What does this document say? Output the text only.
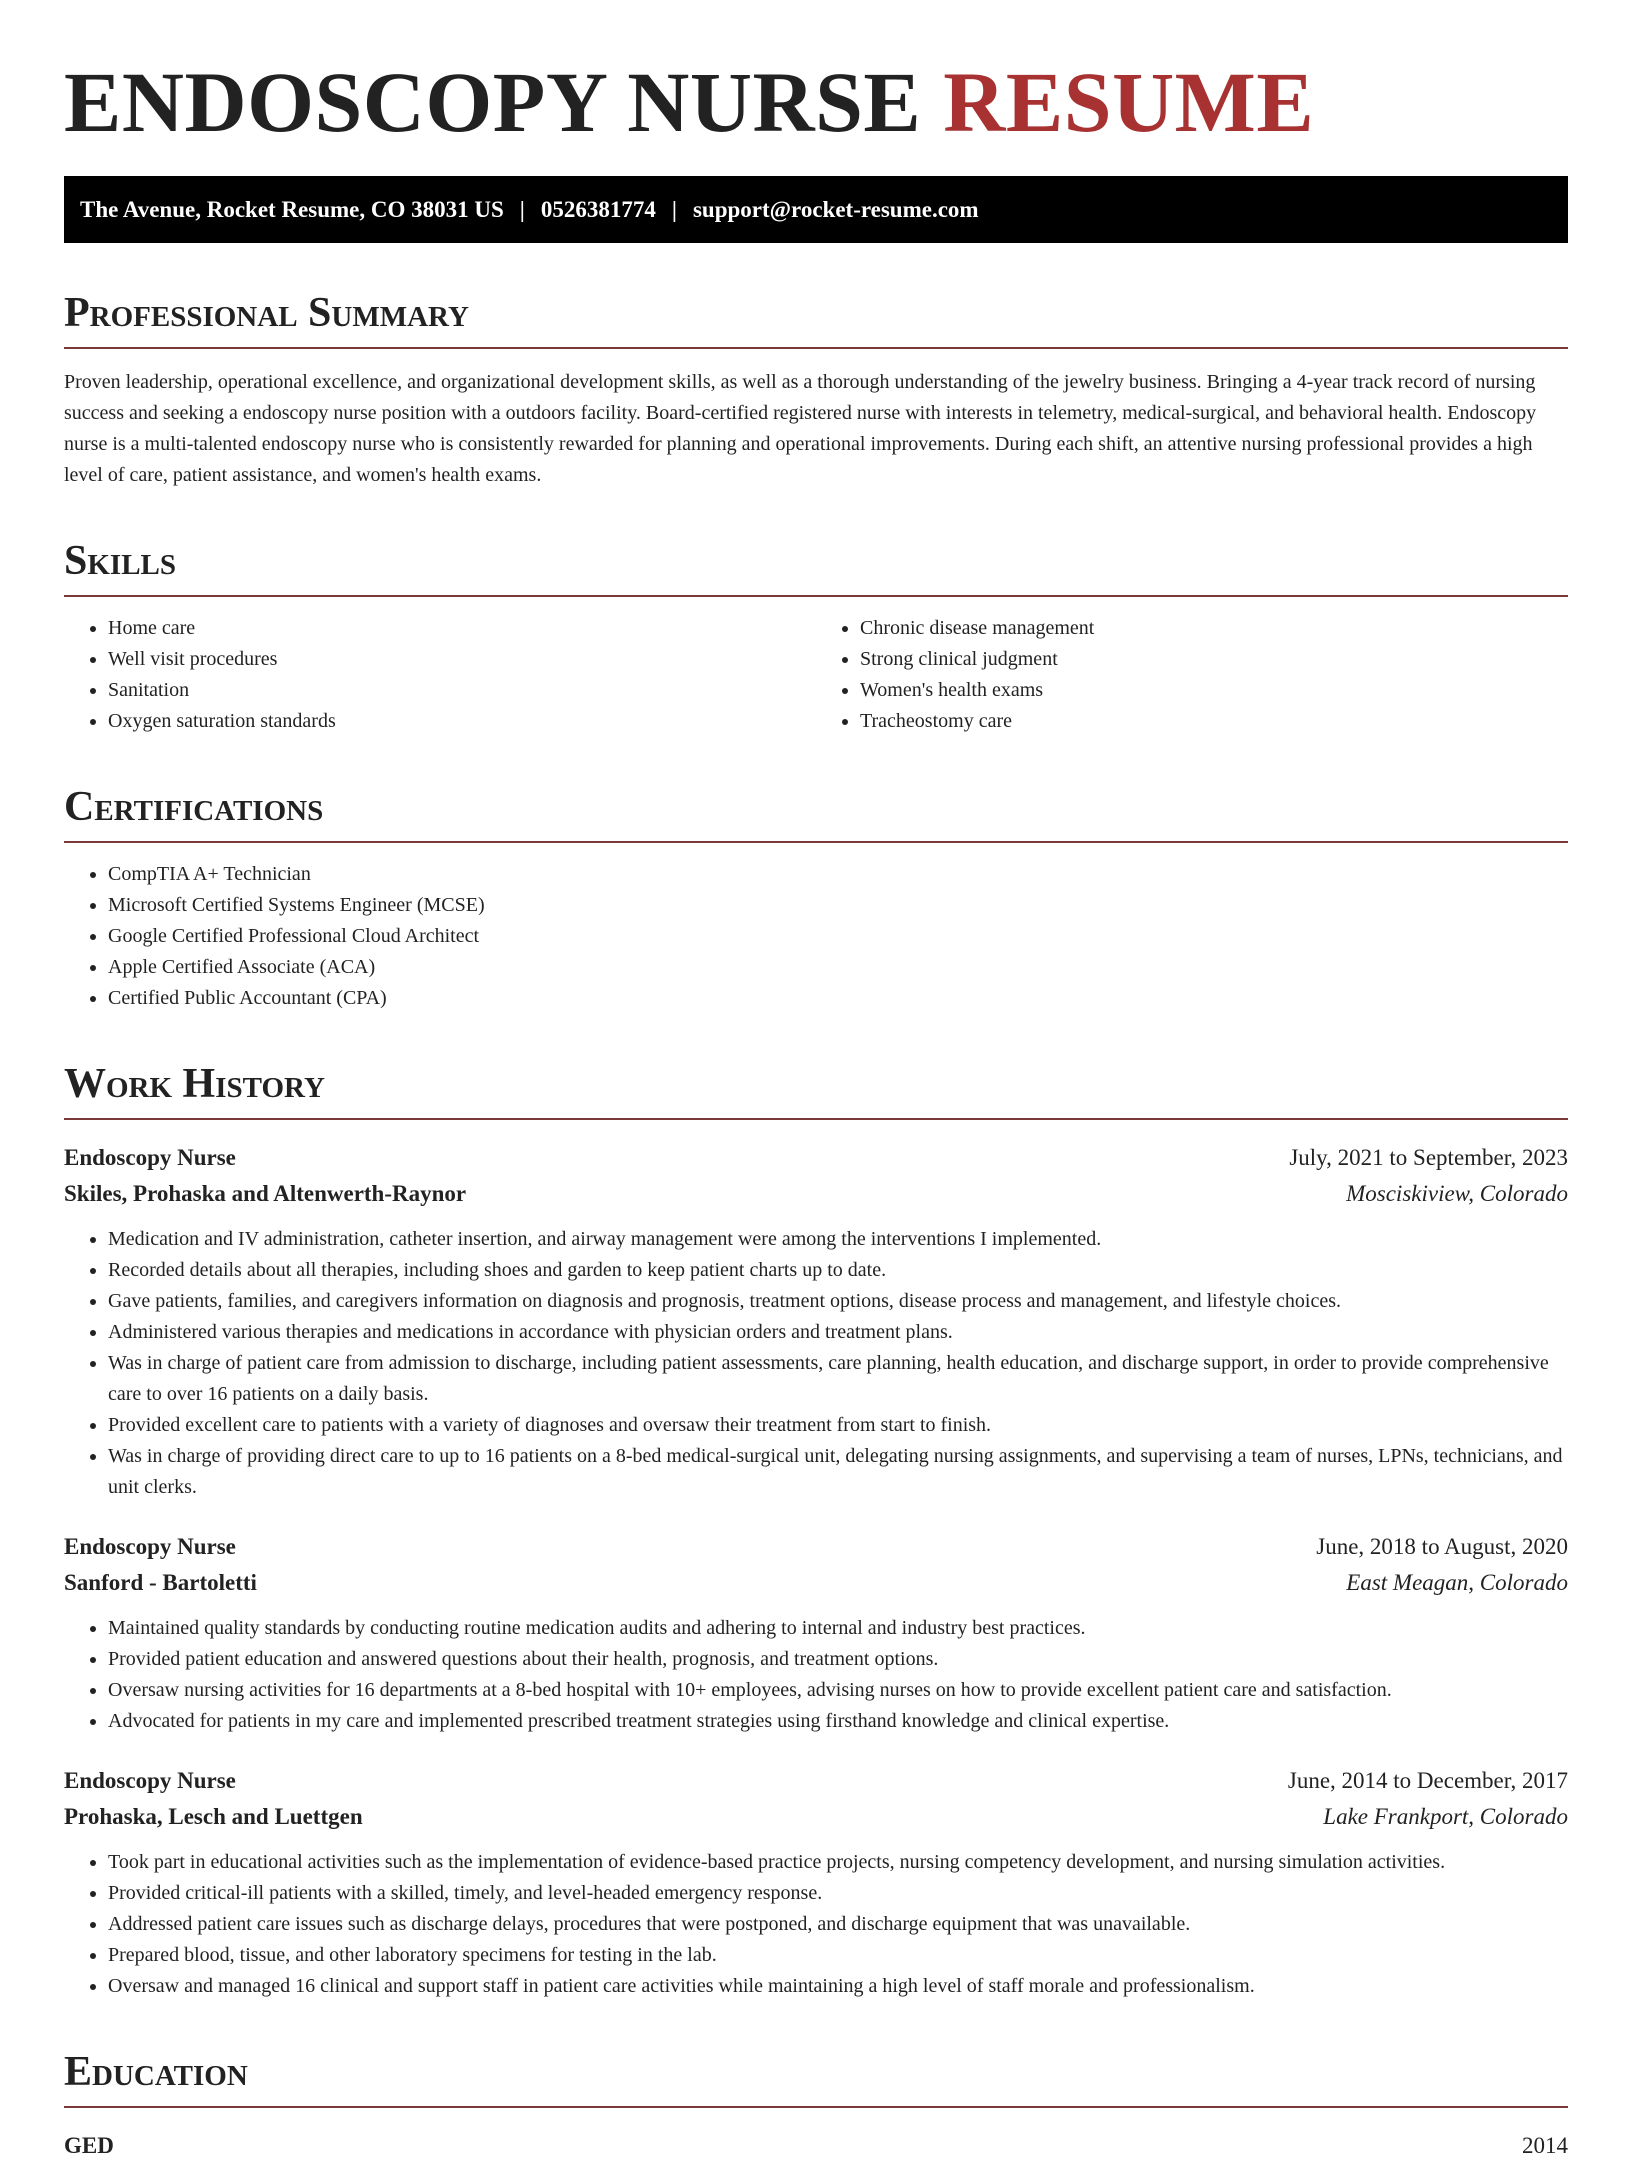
ENDOSCOPY NURSE RESUME
The Avenue, Rocket Resume, CO 38031 US | 0526381774 | support@rocket-resume.com
Professional Summary

Proven leadership, operational excellence, and organizational development skills, as well as a thorough understanding of the jewelry business. Bringing a 4-year track record of nursing success and seeking a endoscopy nurse position with a outdoors facility. Board-certified registered nurse with interests in telemetry, medical-surgical, and behavioral health. Endoscopy nurse is a multi-talented endoscopy nurse who is consistently rewarded for planning and operational improvements. During each shift, an attentive nursing professional provides a high level of care, patient assistance, and women's health exams.

Skills
• Home care
• Well visit procedures
• Sanitation
• Oxygen saturation standards
• Chronic disease management
• Strong clinical judgment
• Women's health exams
• Tracheostomy care
Certifications
• CompTIA A+ Technician
• Microsoft Certified Systems Engineer (MCSE)
• Google Certified Professional Cloud Architect
• Apple Certified Associate (ACA)
• Certified Public Accountant (CPA)
Work History
Endoscopy Nurse	July, 2021 to September, 2023
Skiles, Prohaska and Altenwerth-Raynor	Mosciskiview, Colorado
• Medication and IV administration, catheter insertion, and airway management were among the interventions I implemented.
• Recorded details about all therapies, including shoes and garden to keep patient charts up to date.
• Gave patients, families, and caregivers information on diagnosis and prognosis, treatment options, disease process and management, and lifestyle choices.
• Administered various therapies and medications in accordance with physician orders and treatment plans.
• Was in charge of patient care from admission to discharge, including patient assessments, care planning, health education, and discharge support, in order to provide comprehensive care to over 16 patients on a daily basis.
• Provided excellent care to patients with a variety of diagnoses and oversaw their treatment from start to finish.
• Was in charge of providing direct care to up to 16 patients on a 8-bed medical-surgical unit, delegating nursing assignments, and supervising a team of nurses, LPNs, technicians, and unit clerks.
Endoscopy Nurse	June, 2018 to August, 2020
Sanford - Bartoletti	East Meagan, Colorado
• Maintained quality standards by conducting routine medication audits and adhering to internal and industry best practices.
• Provided patient education and answered questions about their health, prognosis, and treatment options.
• Oversaw nursing activities for 16 departments at a 8-bed hospital with 10+ employees, advising nurses on how to provide excellent patient care and satisfaction.
• Advocated for patients in my care and implemented prescribed treatment strategies using firsthand knowledge and clinical expertise.
Endoscopy Nurse	June, 2014 to December, 2017
Prohaska, Lesch and Luettgen	Lake Frankport, Colorado
• Took part in educational activities such as the implementation of evidence-based practice projects, nursing competency development, and nursing simulation activities.
• Provided critical-ill patients with a skilled, timely, and level-headed emergency response.
• Addressed patient care issues such as discharge delays, procedures that were postponed, and discharge equipment that was unavailable.
• Prepared blood, tissue, and other laboratory specimens for testing in the lab.
• Oversaw and managed 16 clinical and support staff in patient care activities while maintaining a high level of staff morale and professionalism.
Education
GED	2014
